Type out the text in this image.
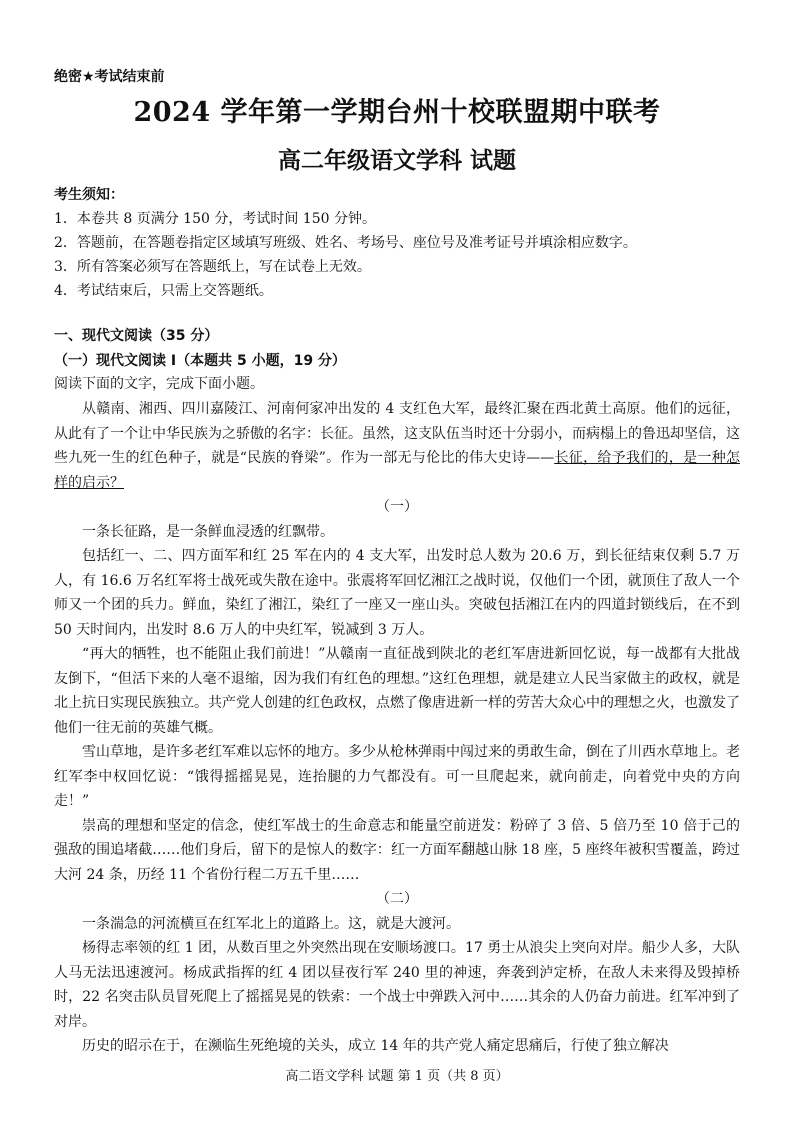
绝密★考试结束前
2024 学年第一学期台州十校联盟期中联考
高二年级语文学科 试题
考生须知：
1．本卷共 8 页满分 150 分，考试时间 150 分钟。
2．答题前，在答题卷指定区域填写班级、姓名、考场号、座位号及准考证号并填涂相应数字。
3．所有答案必须写在答题纸上，写在试卷上无效。
4．考试结束后，只需上交答题纸。
一、现代文阅读（35 分）
（一）现代文阅读 I（本题共 5 小题，19 分）
阅读下面的文字，完成下面小题。

从赣南、湘西、四川嘉陵江、河南何家冲出发的 4 支红色大军，最终汇聚在西北黄土高原。他们的远征，从此有了一个让中华民族为之骄傲的名字：长征。虽然，这支队伍当时还十分弱小，而病榻上的鲁迅却坚信，这些九死一生的红色种子，就是“民族的脊梁”。作为一部无与伦比的伟大史诗——长征，给予我们的，是一种怎样的启示？

（一）

一条长征路，是一条鲜血浸透的红飘带。

包括红一、二、四方面军和红 25 军在内的 4 支大军，出发时总人数为 20.6 万，到长征结束仅剩 5.7 万人，有 16.6 万名红军将士战死或失散在途中。张震将军回忆湘江之战时说，仅他们一个团，就顶住了敌人一个师又一个团的兵力。鲜血，染红了湘江，染红了一座又一座山头。突破包括湘江在内的四道封锁线后，在不到 50 天时间内，出发时 8.6 万人的中央红军，锐减到 3 万人。

“再大的牺牲，也不能阻止我们前进！”从赣南一直征战到陕北的老红军唐进新回忆说，每一战都有大批战友倒下，“但活下来的人毫不退缩，因为我们有红色的理想。”这红色理想，就是建立人民当家做主的政权，就是北上抗日实现民族独立。共产党人创建的红色政权，点燃了像唐进新一样的劳苦大众心中的理想之火，也激发了他们一往无前的英雄气概。

雪山草地，是许多老红军难以忘怀的地方。多少从枪林弹雨中闯过来的勇敢生命，倒在了川西水草地上。老红军李中权回忆说：“饿得摇摇晃晃，连抬腿的力气都没有。可一旦爬起来，就向前走，向着党中央的方向走！”

崇高的理想和坚定的信念，使红军战士的生命意志和能量空前迸发：粉碎了 3 倍、5 倍乃至 10 倍于己的强敌的围追堵截……他们身后，留下的是惊人的数字：红一方面军翻越山脉 18 座，5 座终年被积雪覆盖，跨过大河 24 条，历经 11 个省份行程二万五千里……

（二）

一条湍急的河流横亘在红军北上的道路上。这，就是大渡河。

杨得志率领的红 1 团，从数百里之外突然出现在安顺场渡口。17 勇士从浪尖上突向对岸。船少人多，大队人马无法迅速渡河。杨成武指挥的红 4 团以昼夜行军 240 里的神速，奔袭到泸定桥，在敌人未来得及毁掉桥时，22 名突击队员冒死爬上了摇摇晃晃的铁索：一个战士中弹跌入河中……其余的人仍奋力前进。红军冲到了对岸。

历史的昭示在于，在濒临生死绝境的关头，成立 14 年的共产党人痛定思痛后，行使了独立解决

高二语文学科 试题 第 1 页（共 8 页）
